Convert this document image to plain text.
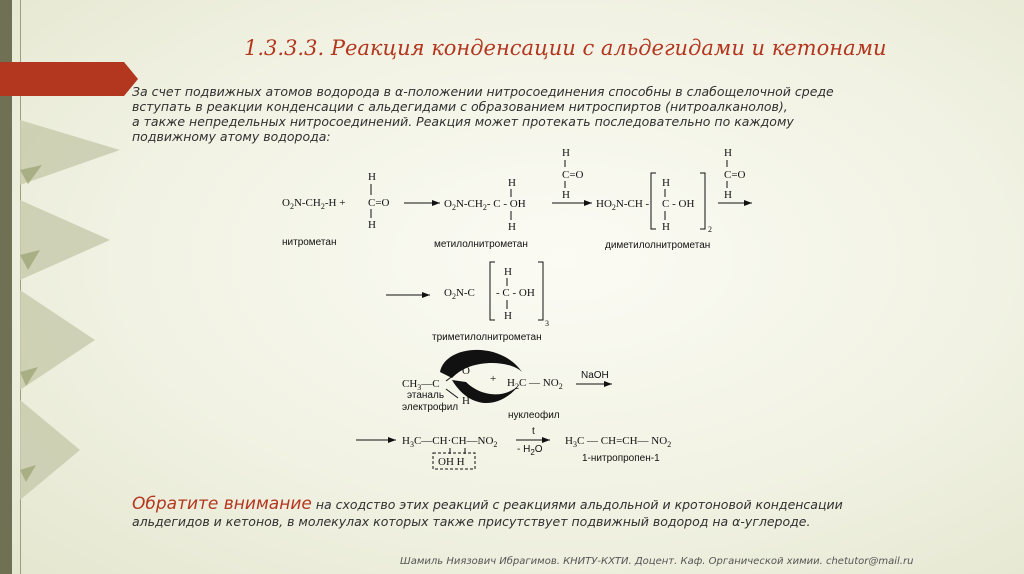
1.3.3.3. Реакция конденсации с альдегидами и кетонами
За счет подвижных атомов водорода в α-положении нитросоединения способны в слабощелочной среде
вступать в реакции конденсации с альдегидами с образованием нитроспиртов (нитроалканолов),
а также непредельных нитросоединений. Реакция может протекать последовательно по каждому
подвижному атому водорода:
$O_2N-CH_2-H$ +
H
C=O
H
нитрометан
H
$O_2N-CH_2-$ C - OH
H
метилолнитрометан
H
C=O
H
$HO_2N-CH$ -
H
C - OH
H	2
диметилолнитрометан
H
C=O
H
$O_2N-C$
H
- C - OH
H
3
триметилолнитрометан
$CH_3—C$
O
H
+ $H_2C$ — $NO_2$
NaOH
этаналь
электрофил
нуклеофил
$H_3C—CH\cdot CH—NO_2$
OH H
t
- $H_2O$
$H_3C$ — CH=CH— $NO_2$
1-нитропропен-1
Обратите внимание на сходство этих реакций с реакциями альдольной и кротоновой конденсации
альдегидов и кетонов, в молекулах которых также присутствует подвижный водород на α-углероде.
Шамиль Ниязович Ибрагимов. КНИТУ-КХТИ. Доцент. Каф. Органической химии. chetutor@mail.ru
